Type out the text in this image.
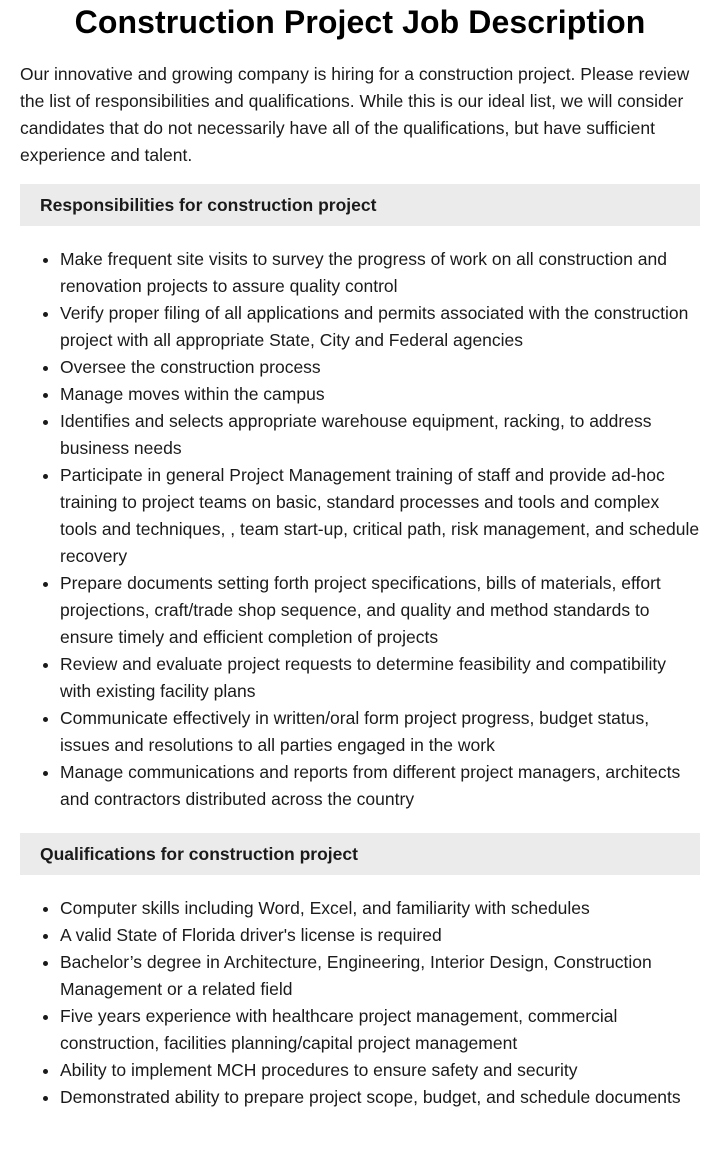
Construction Project Job Description

Our innovative and growing company is hiring for a construction project. Please review the list of responsibilities and qualifications. While this is our ideal list, we will consider candidates that do not necessarily have all of the qualifications, but have sufficient experience and talent.

Responsibilities for construction project
• Make frequent site visits to survey the progress of work on all construction and renovation projects to assure quality control
• Verify proper filing of all applications and permits associated with the construction project with all appropriate State, City and Federal agencies
• Oversee the construction process
• Manage moves within the campus
• Identifies and selects appropriate warehouse equipment, racking, to address business needs
• Participate in general Project Management training of staff and provide ad-hoc training to project teams on basic, standard processes and tools and complex tools and techniques, , team start-up, critical path, risk management, and schedule recovery
• Prepare documents setting forth project specifications, bills of materials, effort projections, craft/trade shop sequence, and quality and method standards to ensure timely and efficient completion of projects
• Review and evaluate project requests to determine feasibility and compatibility with existing facility plans
• Communicate effectively in written/oral form project progress, budget status, issues and resolutions to all parties engaged in the work
• Manage communications and reports from different project managers, architects and contractors distributed across the country
Qualifications for construction project
• Computer skills including Word, Excel, and familiarity with schedules
• A valid State of Florida driver's license is required
• Bachelor’s degree in Architecture, Engineering, Interior Design, Construction Management or a related field
• Five years experience with healthcare project management, commercial construction, facilities planning/capital project management
• Ability to implement MCH procedures to ensure safety and security
• Demonstrated ability to prepare project scope, budget, and schedule documents
